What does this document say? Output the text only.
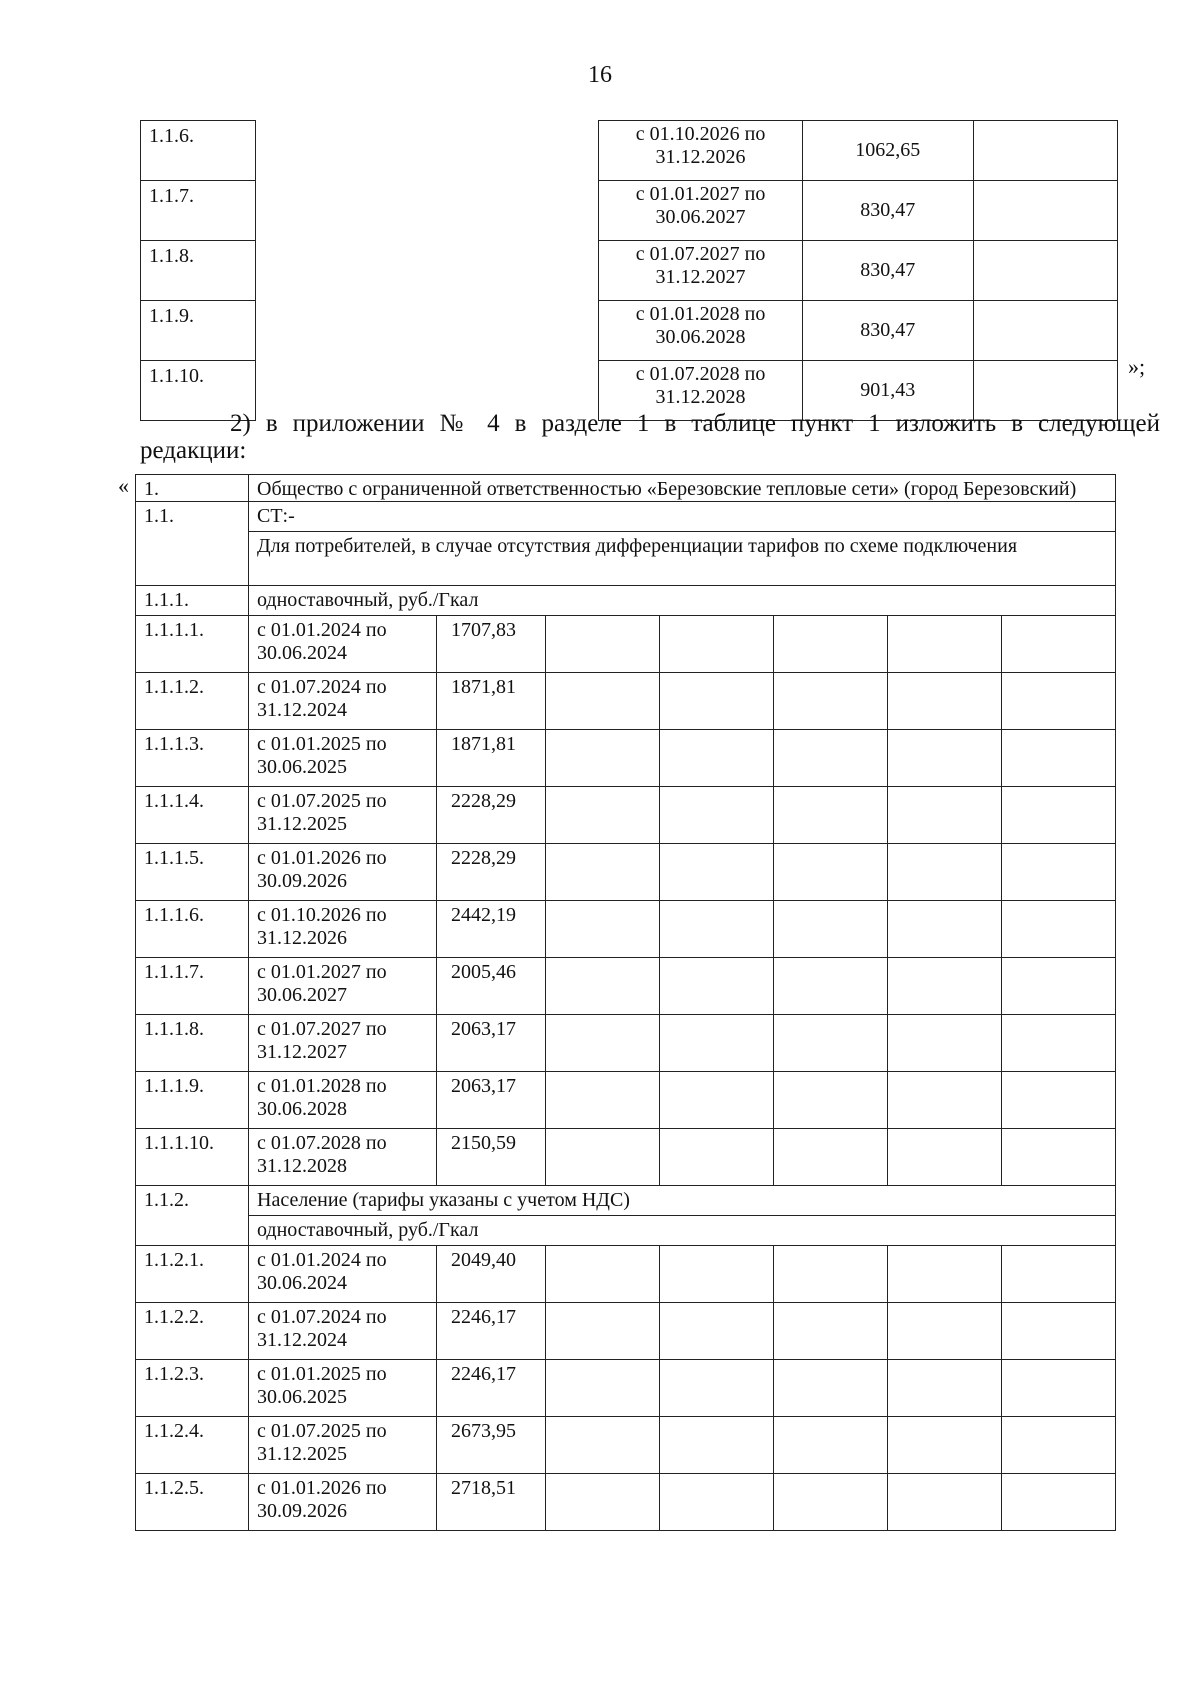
16
1.1.6.		с 01.10.2026 по 31.12.2026	1062,65	
1.1.7.		с 01.01.2027 по 30.06.2027	830,47	
1.1.8.		с 01.07.2027 по 31.12.2027	830,47	
1.1.9.		с 01.01.2028 по 30.06.2028	830,47	
1.1.10.		с 01.07.2028 по 31.12.2028	901,43	
»;
2) в приложении № 4 в разделе 1 в таблице пункт 1 изложить в следующей
редакции:
« 1.	Общество с ограниченной ответственностью «Березовские тепловые сети» (город Березовский)						
1.1.	СТ:-						
	Для потребителей, в случае отсутствия дифференциации тарифов по схеме подключения						
1.1.1.	одноставочный, руб./Гкал						
1.1.1.1.	с 01.01.2024 по 30.06.2024	1707,83					
1.1.1.2.	с 01.07.2024 по 31.12.2024	1871,81					
1.1.1.3.	с 01.01.2025 по 30.06.2025	1871,81					
1.1.1.4.	с 01.07.2025 по 31.12.2025	2228,29					
1.1.1.5.	с 01.01.2026 по 30.09.2026	2228,29					
1.1.1.6.	с 01.10.2026 по 31.12.2026	2442,19					
1.1.1.7.	с 01.01.2027 по 30.06.2027	2005,46					
1.1.1.8.	с 01.07.2027 по 31.12.2027	2063,17					
1.1.1.9.	с 01.01.2028 по 30.06.2028	2063,17					
1.1.1.10.	с 01.07.2028 по 31.12.2028	2150,59					
1.1.2.	Население (тарифы указаны с учетом НДС)						
	одноставочный, руб./Гкал						
1.1.2.1.	с 01.01.2024 по 30.06.2024	2049,40					
1.1.2.2.	с 01.07.2024 по 31.12.2024	2246,17					
1.1.2.3.	с 01.01.2025 по 30.06.2025	2246,17					
1.1.2.4.	с 01.07.2025 по 31.12.2025	2673,95					
1.1.2.5.	с 01.01.2026 по 30.09.2026	2718,51					
